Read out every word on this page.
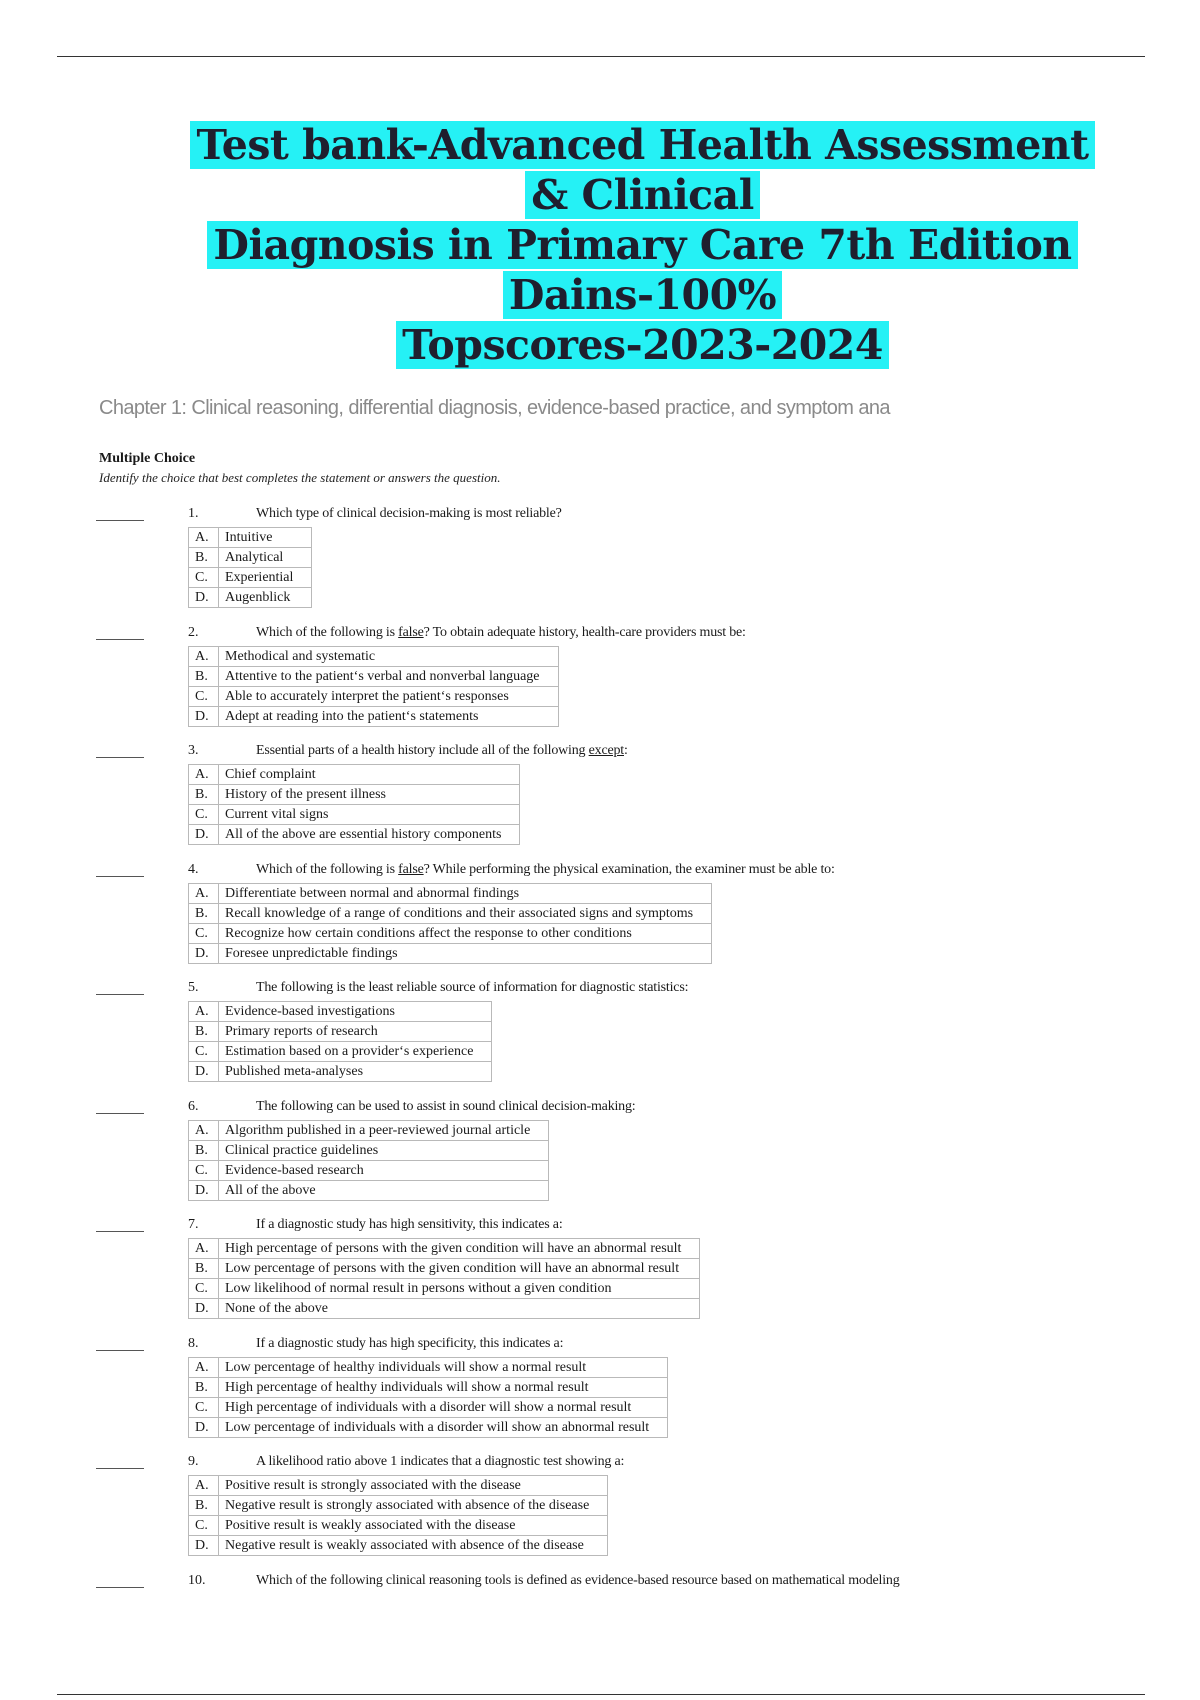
Test bank-Advanced Health Assessment & Clinical
Diagnosis in Primary Care 7th Edition Dains-100%
Topscores-2023-2024
Chapter 1: Clinical reasoning, differential diagnosis, evidence-based practice, and symptom ana
Multiple Choice
Identify the choice that best completes the statement or answers the question.
1.	Which type of clinical decision-making is most reliable?
A.	Intuitive
B.	Analytical
C.	Experiential
D.	Augenblick
2.	Which of the following is false? To obtain adequate history, health-care providers must be:
A.	Methodical and systematic
B.	Attentive to the patient‘s verbal and nonverbal language
C.	Able to accurately interpret the patient‘s responses
D.	Adept at reading into the patient‘s statements
3.	Essential parts of a health history include all of the following except:
A.	Chief complaint
B.	History of the present illness
C.	Current vital signs
D.	All of the above are essential history components
4.	Which of the following is false? While performing the physical examination, the examiner must be able to:
A.	Differentiate between normal and abnormal findings
B.	Recall knowledge of a range of conditions and their associated signs and symptoms
C.	Recognize how certain conditions affect the response to other conditions
D.	Foresee unpredictable findings
5.	The following is the least reliable source of information for diagnostic statistics:
A.	Evidence-based investigations
B.	Primary reports of research
C.	Estimation based on a provider‘s experience
D.	Published meta-analyses
6.	The following can be used to assist in sound clinical decision-making:
A.	Algorithm published in a peer-reviewed journal article
B.	Clinical practice guidelines
C.	Evidence-based research
D.	All of the above
7.	If a diagnostic study has high sensitivity, this indicates a:
A.	High percentage of persons with the given condition will have an abnormal result
B.	Low percentage of persons with the given condition will have an abnormal result
C.	Low likelihood of normal result in persons without a given condition
D.	None of the above
8.	If a diagnostic study has high specificity, this indicates a:
A.	Low percentage of healthy individuals will show a normal result
B.	High percentage of healthy individuals will show a normal result
C.	High percentage of individuals with a disorder will show a normal result
D.	Low percentage of individuals with a disorder will show an abnormal result
9.	A likelihood ratio above 1 indicates that a diagnostic test showing a:
A.	Positive result is strongly associated with the disease
B.	Negative result is strongly associated with absence of the disease
C.	Positive result is weakly associated with the disease
D.	Negative result is weakly associated with absence of the disease
10.	Which of the following clinical reasoning tools is defined as evidence-based resource based on mathematical modeling
